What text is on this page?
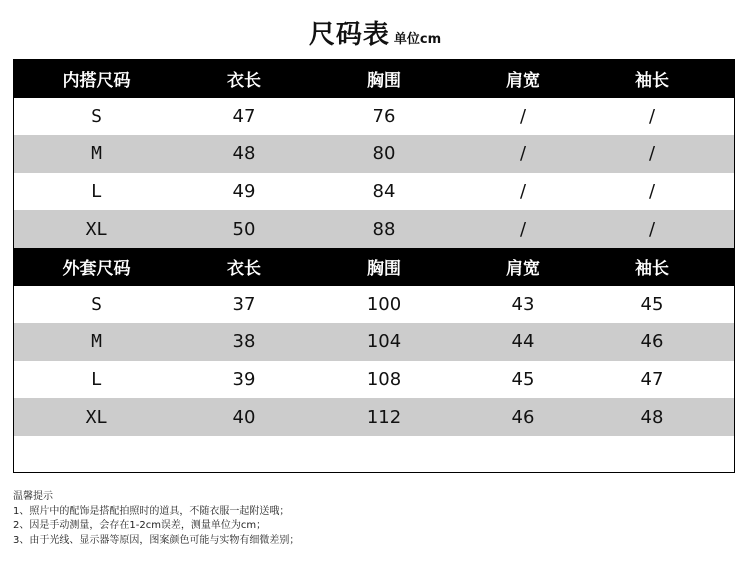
尺码表 单位cm
内搭尺码	衣长	胸围	肩宽	袖长
S	47	76	/	/
M	48	80	/	/
L	49	84	/	/
XL	50	88	/	/
外套尺码	衣长	胸围	肩宽	袖长
S	37	100	43	45
M	38	104	44	46
L	39	108	45	47
XL	40	112	46	48
温馨提示
1、照片中的配饰是搭配拍照时的道具，不随衣服一起附送哦；
2、因是手动测量，会存在1-2cm误差，测量单位为cm；
3、由于光线、显示器等原因，图案颜色可能与实物有细微差别；
